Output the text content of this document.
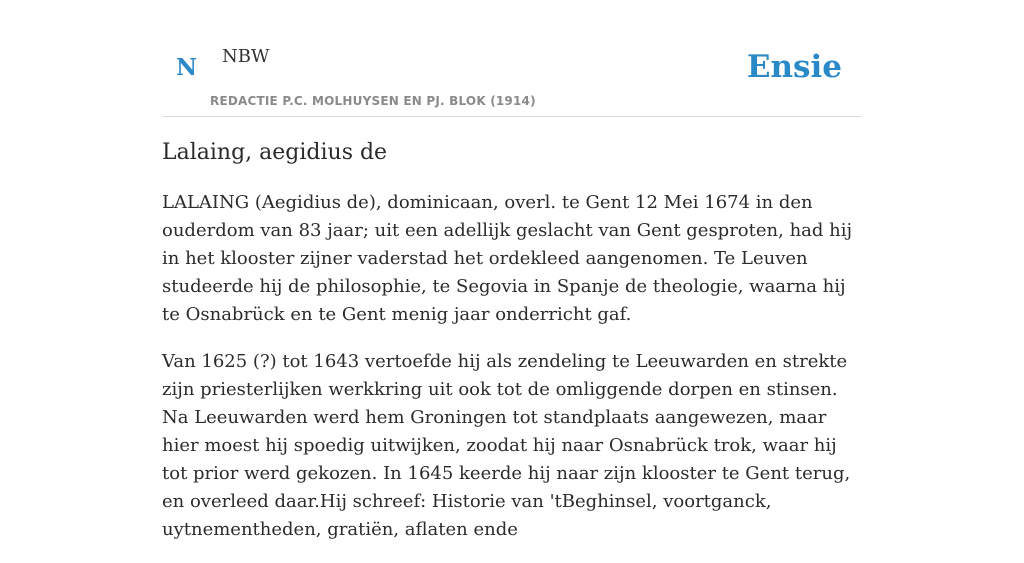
N NBW
REDACTIE P.C. MOLHUYSEN EN PJ. BLOK (1914)
Ensie
Lalaing, aegidius de

LALAING (Aegidius de), dominicaan, overl. te Gent 12 Mei 1674 in den ouderdom van 83 jaar; uit een adellijk geslacht van Gent gesproten, had hij in het klooster zijner vaderstad het ordekleed aangenomen. Te Leuven studeerde hij de philosophie, te Segovia in Spanje de theologie, waarna hij te Osnabrück en te Gent menig jaar onderricht gaf.

Van 1625 (?) tot 1643 vertoefde hij als zendeling te Leeuwarden en strekte zijn priesterlijken werkkring uit ook tot de omliggende dorpen en stinsen. Na Leeuwarden werd hem Groningen tot standplaats aangewezen, maar hier moest hij spoedig uitwijken, zoodat hij naar Osnabrück trok, waar hij tot prior werd gekozen. In 1645 keerde hij naar zijn klooster te Gent terug, en overleed daar.Hij schreef: Historie van 'tBeghinsel, voortganck, uytnementheden, gratiën, aflaten ende
